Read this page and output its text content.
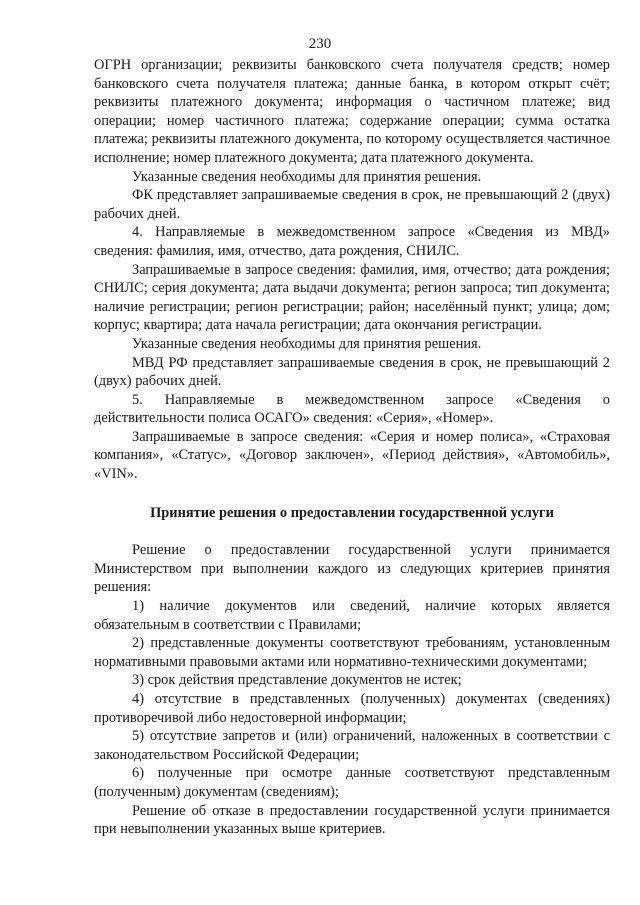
230

ОГРН организации; реквизиты банковского счета получателя средств; номер банковского счета получателя платежа; данные банка, в котором открыт счёт; реквизиты платежного документа; информация о частичном платеже; вид операции; номер частичного платежа; содержание операции; сумма остатка платежа; реквизиты платежного документа, по которому осуществляется частичное исполнение; номер платежного документа; дата платежного документа.

Указанные сведения необходимы для принятия решения.

ФК представляет запрашиваемые сведения в срок, не превышающий 2 (двух) рабочих дней.

4. Направляемые в межведомственном запросе «Сведения из МВД» сведения: фамилия, имя, отчество, дата рождения, СНИЛС.

Запрашиваемые в запросе сведения: фамилия, имя, отчество; дата рождения; СНИЛС; серия документа; дата выдачи документа; регион запроса; тип документа; наличие регистрации; регион регистрации; район; населённый пункт; улица; дом; корпус; квартира; дата начала регистрации; дата окончания регистрации.

Указанные сведения необходимы для принятия решения.

МВД РФ представляет запрашиваемые сведения в срок, не превышающий 2 (двух) рабочих дней.

5. Направляемые в межведомственном запросе «Сведения о действительности полиса ОСАГО» сведения: «Серия», «Номер».

Запрашиваемые в запросе сведения: «Серия и номер полиса», «Страховая компания», «Статус», «Договор заключен», «Период действия», «Автомобиль», «VIN».

Принятие решения о предоставлении государственной услуги

Решение о предоставлении государственной услуги принимается Министерством при выполнении каждого из следующих критериев принятия решения:

1) наличие документов или сведений, наличие которых является обязательным в соответствии с Правилами;

2) представленные документы соответствуют требованиям, установленным нормативными правовыми актами или нормативно-техническими документами;

3) срок действия представление документов не истек;

4) отсутствие в представленных (полученных) документах (сведениях) противоречивой либо недостоверной информации;

5) отсутствие запретов и (или) ограничений, наложенных в соответствии с законодательством Российской Федерации;

6) полученные при осмотре данные соответствуют представленным (полученным) документам (сведениям);

Решение об отказе в предоставлении государственной услуги принимается при невыполнении указанных выше критериев.
